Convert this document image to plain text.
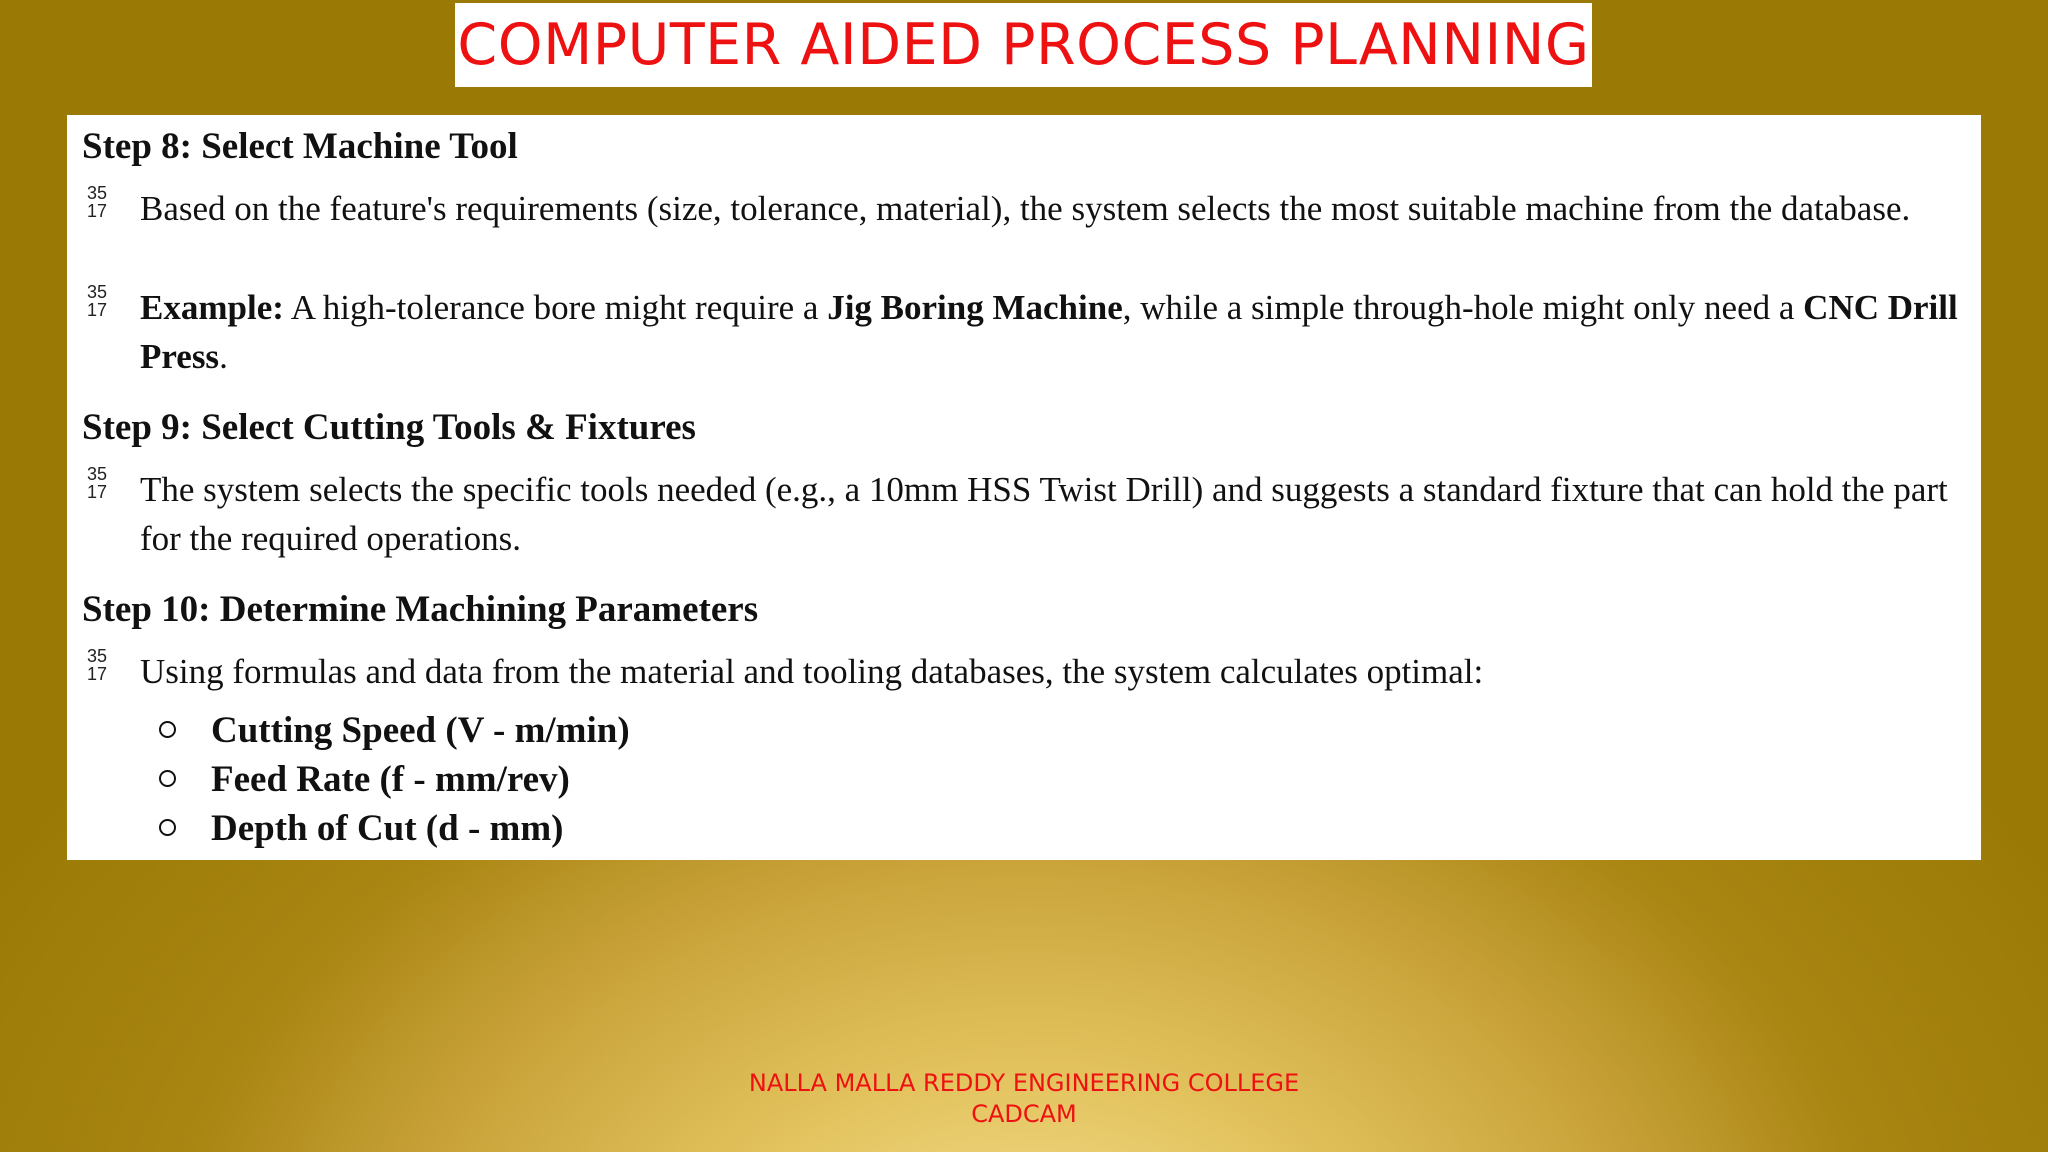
COMPUTER AIDED PROCESS PLANNING
Step 8: Select Machine Tool
35
17 Based on the feature's requirements (size, tolerance, material), the system selects the most suitable machine from the database.
35
17 Example: A high-tolerance bore might require a Jig Boring Machine, while a simple through-hole might only need a CNC Drill Press.
Step 9: Select Cutting Tools & Fixtures
35
17 The system selects the specific tools needed (e.g., a 10mm HSS Twist Drill) and suggests a standard fixture that can hold the part for the required operations.
Step 10: Determine Machining Parameters
35
17 Using formulas and data from the material and tooling databases, the system calculates optimal:
Cutting Speed (V - m/min)
Feed Rate (f - mm/rev)
Depth of Cut (d - mm)
NALLA MALLA REDDY ENGINEERING COLLEGE
CADCAM
